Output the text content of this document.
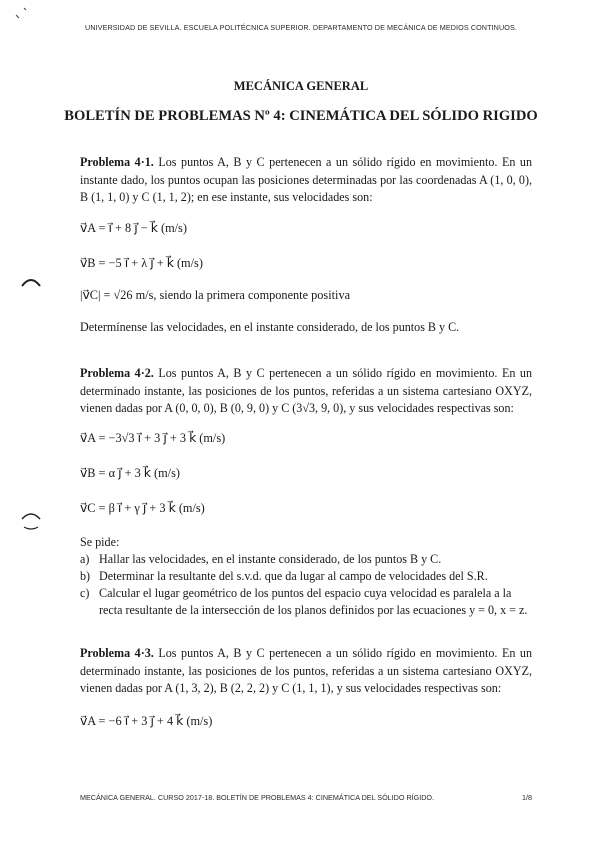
UNIVERSIDAD DE SEVILLA. ESCUELA POLITÉCNICA SUPERIOR. DEPARTAMENTO DE MECÁNICA DE MEDIOS CONTINUOS.
MECÁNICA GENERAL
BOLETÍN DE PROBLEMAS Nº 4: CINEMÁTICA DEL SÓLIDO RIGIDO
Problema 4·1. Los puntos A, B y C pertenecen a un sólido rígido en movimiento. En un instante dado, los puntos ocupan las posiciones determinadas por las coordenadas A (1, 0, 0), B (1, 1, 0) y C (1, 1, 2); en ese instante, sus velocidades son:
v⃗A = ı⃗ + 8 ȷ⃗ − k⃗ (m/s)
v⃗B = −5 ı⃗ + λ ȷ⃗ + k⃗ (m/s)
|v⃗C| = √26 m/s, siendo la primera componente positiva
Determínense las velocidades, en el instante considerado, de los puntos B y C.
Problema 4·2. Los puntos A, B y C pertenecen a un sólido rígido en movimiento. En un determinado instante, las posiciones de los puntos, referidas a un sistema cartesiano OXYZ, vienen dadas por A (0, 0, 0), B (0, 9, 0) y C (3√3, 9, 0), y sus velocidades respectivas son:
v⃗A = −3√3 ı⃗ + 3 ȷ⃗ + 3 k⃗ (m/s)
v⃗B = α ȷ⃗ + 3 k⃗ (m/s)
v⃗C = β ı⃗ + γ ȷ⃗ + 3 k⃗ (m/s)
Se pide:
a) Hallar las velocidades, en el instante considerado, de los puntos B y C.
b) Determinar la resultante del s.v.d. que da lugar al campo de velocidades del S.R.
c) Calcular el lugar geométrico de los puntos del espacio cuya velocidad es paralela a la recta resultante de la intersección de los planos definidos por las ecuaciones y = 0, x = z.
Problema 4·3. Los puntos A, B y C pertenecen a un sólido rígido en movimiento. En un determinado instante, las posiciones de los puntos, referidas a un sistema cartesiano OXYZ, vienen dadas por A (1, 3, 2), B (2, 2, 2) y C (1, 1, 1), y sus velocidades respectivas son:
v⃗A = −6 ı⃗ + 3 ȷ⃗ + 4 k⃗ (m/s)
MECÁNICA GENERAL. CURSO 2017-18. BOLETÍN DE PROBLEMAS 4: CINEMÁTICA DEL SÓLIDO RÍGIDO.	1/8
